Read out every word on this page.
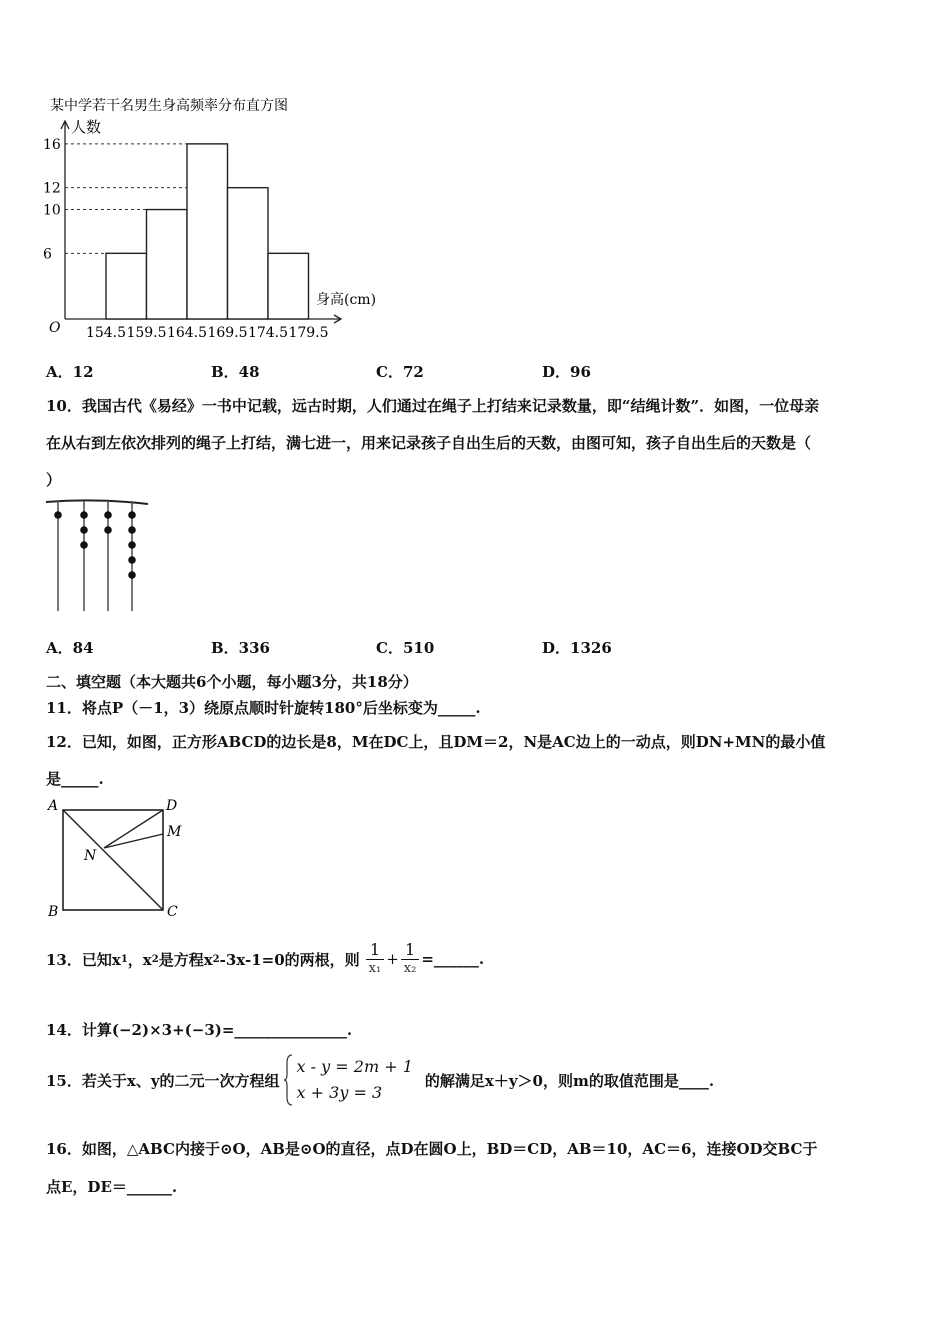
某中学若干名男生身高频率分布直方图
人数
身高(cm)
O
6
10
12
16
154.5 159.5 164.5 169.5 174.5 179.5
A．12	B．48	C．72	D．96
10．我国古代《易经》一书中记载，远古时期，人们通过在绳子上打结来记录数量，即“结绳计数”．如图，一位母亲
在从右到左依次排列的绳子上打结，满七进一，用来记录孩子自出生后的天数，由图可知，孩子自出生后的天数是（
）
A．84	B．336	C．510	D．1326
二、填空题（本大题共6个小题，每小题3分，共18分）
11．将点P（－1，3）绕原点顺时针旋转180°后坐标变为_____.
12．已知，如图，正方形ABCD的边长是8，M在DC上，且DM＝2，N是AC边上的一动点，则DN+MN的最小值
是_____.
A	D
M
N
B	C
13．已知x 1 ，x 2 是方程x 2 -3x-1=0的两根，则 $\frac{1}{\text{x₁}} + \frac{1}{\text{x₂}}$ =______.
14．计算(−2)×3+(−3)=_______________.
15．若关于x、y的二元一次方程组
x - y = 2m + 1
x + 3y = 3
的解满足x＋y＞0，则m的取值范围是____.
16．如图，△ABC内接于⊙O，AB是⊙O的直径，点D在圆O上，BD＝CD，AB＝10，AC＝6，连接OD交BC于
点E，DE＝______.
